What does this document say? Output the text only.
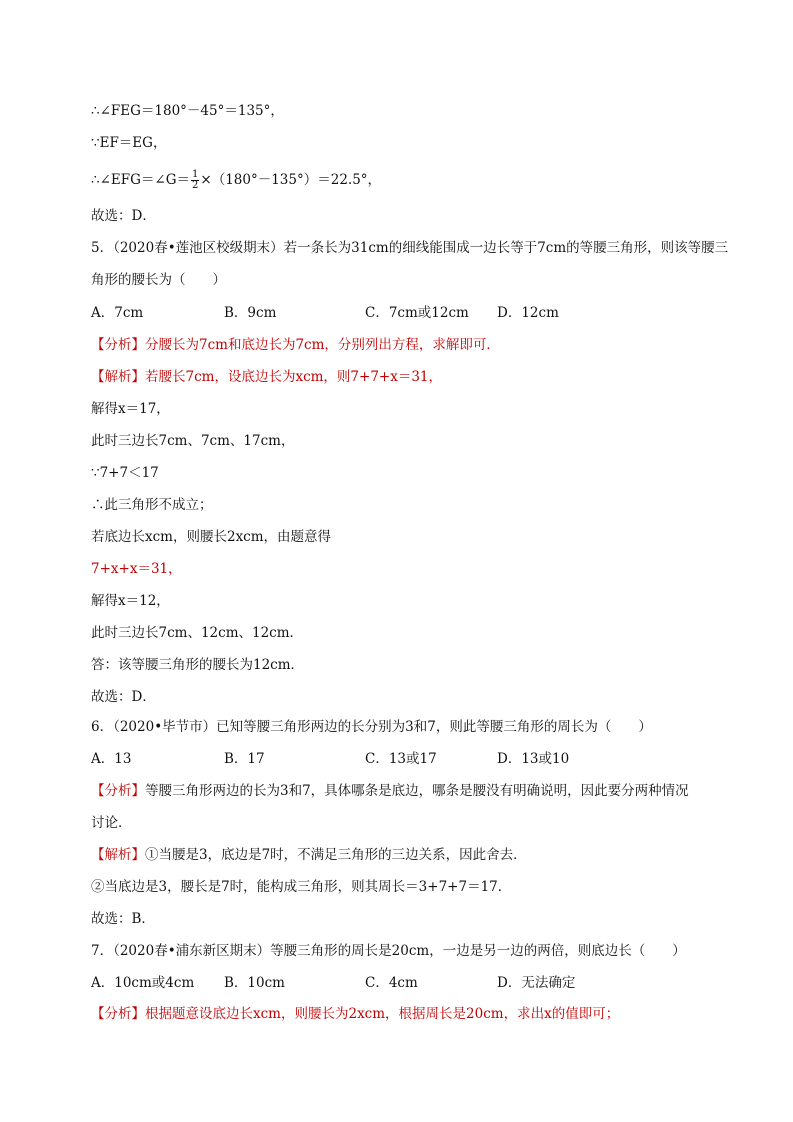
∴∠FEG＝180°－45°＝135°，
∵EF＝EG，
∴∠EFG＝∠G＝ $\frac{1}{2} \times(180^\circ-135^\circ)=22.5^\circ$，
故选：D．
5．（2020春•莲池区校级期末）若一条长为31cm的细线能围成一边长等于7cm的等腰三角形，则该等腰三
角形的腰长为（　　）
A．7cm	B．9cm	C．7cm或12cm D．12cm
【分析】分腰长为7cm和底边长为7cm，分别列出方程，求解即可．
【解析】若腰长7cm，设底边长为xcm，则7+7+x＝31，
解得x＝17，
此时三边长7cm、7cm、17cm，
∵7+7＜17
∴此三角形不成立；
若底边长xcm，则腰长2xcm，由题意得
7+x+x＝31，
解得x＝12，
此时三边长7cm、12cm、12cm．
答：该等腰三角形的腰长为12cm．
故选：D．
6．（2020•毕节市）已知等腰三角形两边的长分别为3和7，则此等腰三角形的周长为（　　）
A．13	B．17	C．13或17	D．13或10
【分析】等腰三角形两边的长为3和7，具体哪条是底边，哪条是腰没有明确说明，因此要分两种情况
讨论．
【解析】①当腰是3，底边是7时，不满足三角形的三边关系，因此舍去．
②当底边是3，腰长是7时，能构成三角形，则其周长＝3+7+7＝17．
故选：B．
7．（2020春•浦东新区期末）等腰三角形的周长是20cm，一边是另一边的两倍，则底边长（　　）
A．10cm或4cm B．10cm	C．4cm	D．无法确定
【分析】根据题意设底边长xcm，则腰长为2xcm，根据周长是20cm，求出x的值即可；
